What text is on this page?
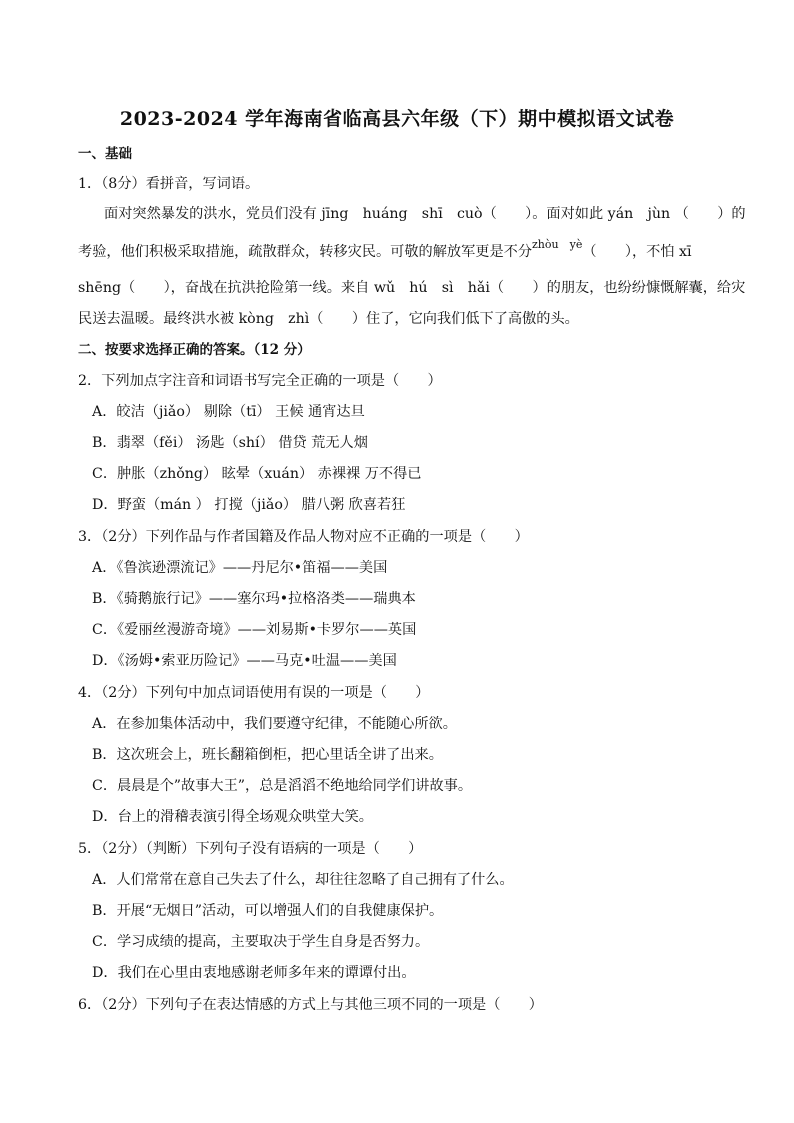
2023-2024 学年海南省临高县六年级（下）期中模拟语文试卷
一、基础
1．（8分）看拼音，写词语。
面对突然暴发的洪水，党员们没有 jīng　huáng　shī　cuò（　　）。面对如此 yán　jùn （　　）的
考验，他们积极采取措施，疏散群众，转移灾民。可敬的解放军更是不分$^{zhòu yè}$（　　），不怕 xī
shēng（　　），奋战在抗洪抢险第一线。来自 wǔ　hú　sì　hǎi（　　）的朋友，也纷纷慷慨解囊，给灾
民送去温暖。最终洪水被 kòng　zhì（　　）住了，它向我们低下了高傲的头。
二、按要求选择正确的答案。（12 分）
2．下列加点字注音和词语书写完全正确的一项是（　　）
A．皎洁（jiǎo） 剔除（tī） 王候 通宵达旦
B．翡翠（fěi） 汤匙（shí） 借贷 荒无人烟
C．肿胀（zhǒng） 眩晕（xuán） 赤裸裸 万不得已
D．野蛮（mán ） 打搅（jiǎo） 腊八粥 欣喜若狂
3．（2分）下列作品与作者国籍及作品人物对应不正确的一项是（　　）
A．《鲁滨逊漂流记》——丹尼尔•笛福——美国
B．《骑鹅旅行记》——塞尔玛•拉格洛类——瑞典本
C．《爱丽丝漫游奇境》——刘易斯•卡罗尔——英国
D．《汤姆•索亚历险记》——马克•吐温——美国
4．（2分）下列句中加点词语使用有误的一项是（　　）
A．在参加集体活动中，我们要遵守纪律，不能随心所欲。
B．这次班会上，班长翻箱倒柜，把心里话全讲了出来。
C．晨晨是个”故事大王”，总是滔滔不绝地给同学们讲故事。
D．台上的滑稽表演引得全场观众哄堂大笑。
5．（2分）（判断）下列句子没有语病的一项是（　　）
A．人们常常在意自己失去了什么，却往往忽略了自己拥有了什么。
B．开展“无烟日”活动，可以增强人们的自我健康保护。
C．学习成绩的提高，主要取决于学生自身是否努力。
D．我们在心里由衷地感谢老师多年来的谭谭付出。
6．（2分）下列句子在表达情感的方式上与其他三项不同的一项是（　　）
